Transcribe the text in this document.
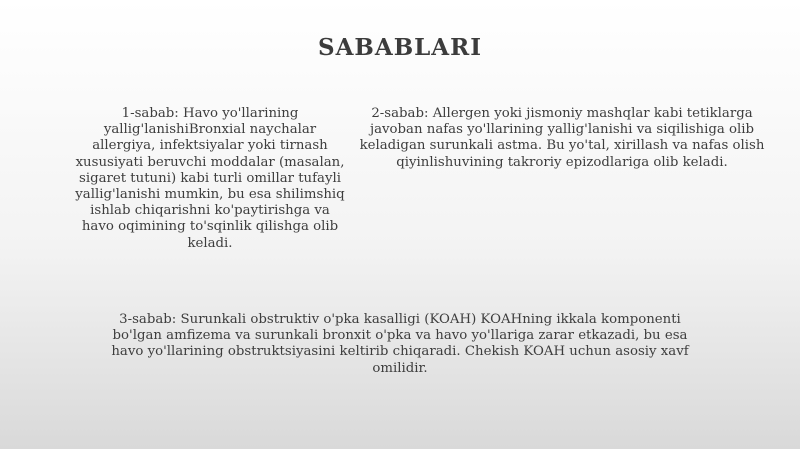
SABABLARI
1-sabab: Havo yo'llarining yallig'lanishiBronxial naychalar allergiya, infektsiyalar yoki tirnash xususiyati beruvchi moddalar (masalan, sigaret tutuni) kabi turli omillar tufayli yallig'lanishi mumkin, bu esa shilimshiq ishlab chiqarishni ko'paytirishga va havo oqimining to'sqinlik qilishga olib keladi.
2-sabab: Allergen yoki jismoniy mashqlar kabi tetiklarga javoban nafas yo'llarining yallig'lanishi va siqilishiga olib keladigan surunkali astma. Bu yo'tal, xirillash va nafas olish qiyinlishuvining takroriy epizodlariga olib keladi.
3-sabab: Surunkali obstruktiv o'pka kasalligi (KOAH) KOAHning ikkala komponenti bo'lgan amfizema va surunkali bronxit o'pka va havo yo'llariga zarar etkazadi, bu esa havo yo'llarining obstruktsiyasini keltirib chiqaradi. Chekish KOAH uchun asosiy xavf omilidir.
